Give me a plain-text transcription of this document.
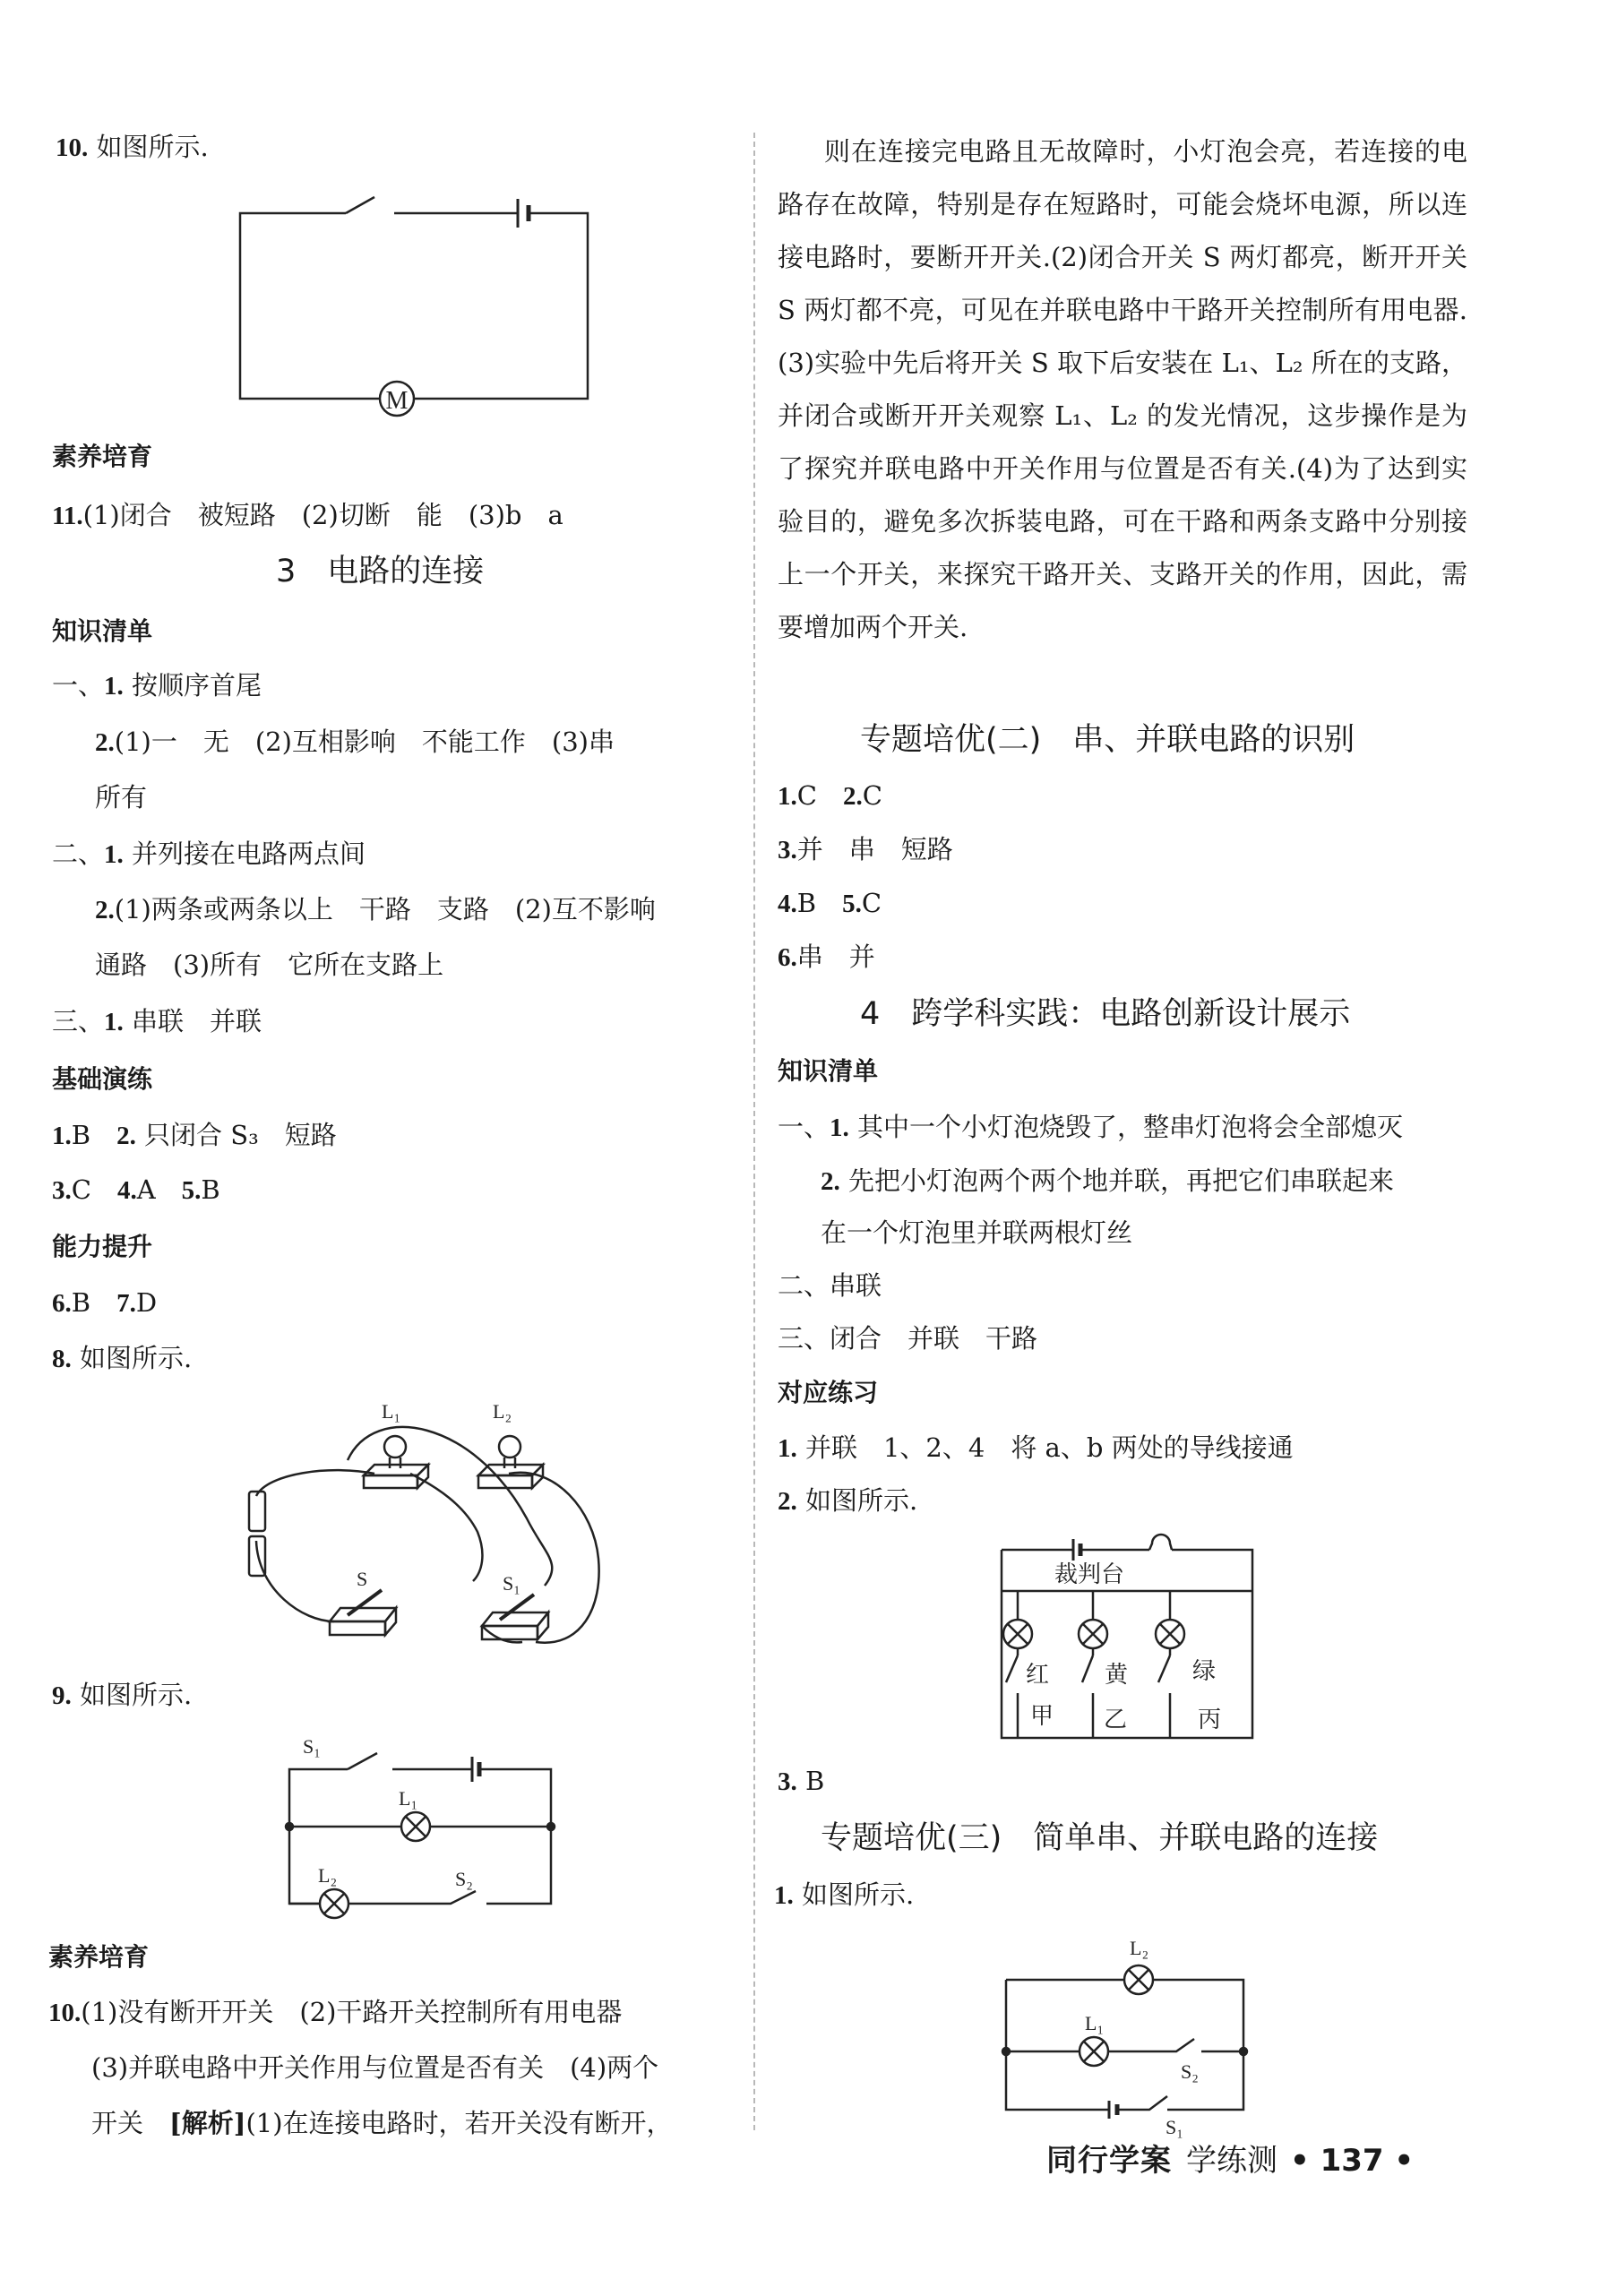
10. 如图所示.
M
素养培育
11.(1)闭合　被短路　(2)切断　能　(3)b　a
3　电路的连接
知识清单
一、1. 按顺序首尾
2.(1)一　无　(2)互相影响　不能工作　(3)串
所有
二、1. 并列接在电路两点间
2.(1)两条或两条以上　干路　支路　(2)互不影响
通路　(3)所有　它所在支路上
三、1. 串联　并联
基础演练
1.B　2. 只闭合 S₃　短路
3.C　4.A　5.B
能力提升
6.B　7.D
8. 如图所示.
L₁	L₂
S	S₁
9. 如图所示.
S₁
L₁
L₂	S₂
素养培育
10.(1)没有断开开关　(2)干路开关控制所有用电器
(3)并联电路中开关作用与位置是否有关　(4)两个
开关　[解析](1)在连接电路时，若开关没有断开，
则在连接完电路且无故障时，小灯泡会亮，若连接的电路存在故障，特别是存在短路时，可能会烧坏电源，所以连接电路时，要断开开关.(2)闭合开关 S 两灯都亮，断开开关 S 两灯都不亮，可见在并联电路中干路开关控制所有用电器.(3)实验中先后将开关 S 取下后安装在 L₁、L₂ 所在的支路，并闭合或断开开关观察 L₁、L₂ 的发光情况，这步操作是为了探究并联电路中开关作用与位置是否有关.(4)为了达到实验目的，避免多次拆装电路，可在干路和两条支路中分别接上一个开关，来探究干路开关、支路开关的作用，因此，需要增加两个开关.
专题培优(二)　串、并联电路的识别
1.C　2.C
3.并　串　短路
4.B　5.C
6.串　并
4　跨学科实践：电路创新设计展示
知识清单
一、1. 其中一个小灯泡烧毁了，整串灯泡将会全部熄灭
2. 先把小灯泡两个两个地并联，再把它们串联起来
在一个灯泡里并联两根灯丝
二、串联
三、闭合　并联　干路
对应练习
1. 并联　1、2、4　将 a、b 两处的导线接通
2. 如图所示.
裁判台
红 黄	绿
甲 乙	丙
3. B
专题培优(三)　简单串、并联电路的连接
1. 如图所示.
L₂
L₁
S₂
S₁
同行学案 学练测 • 137 •
